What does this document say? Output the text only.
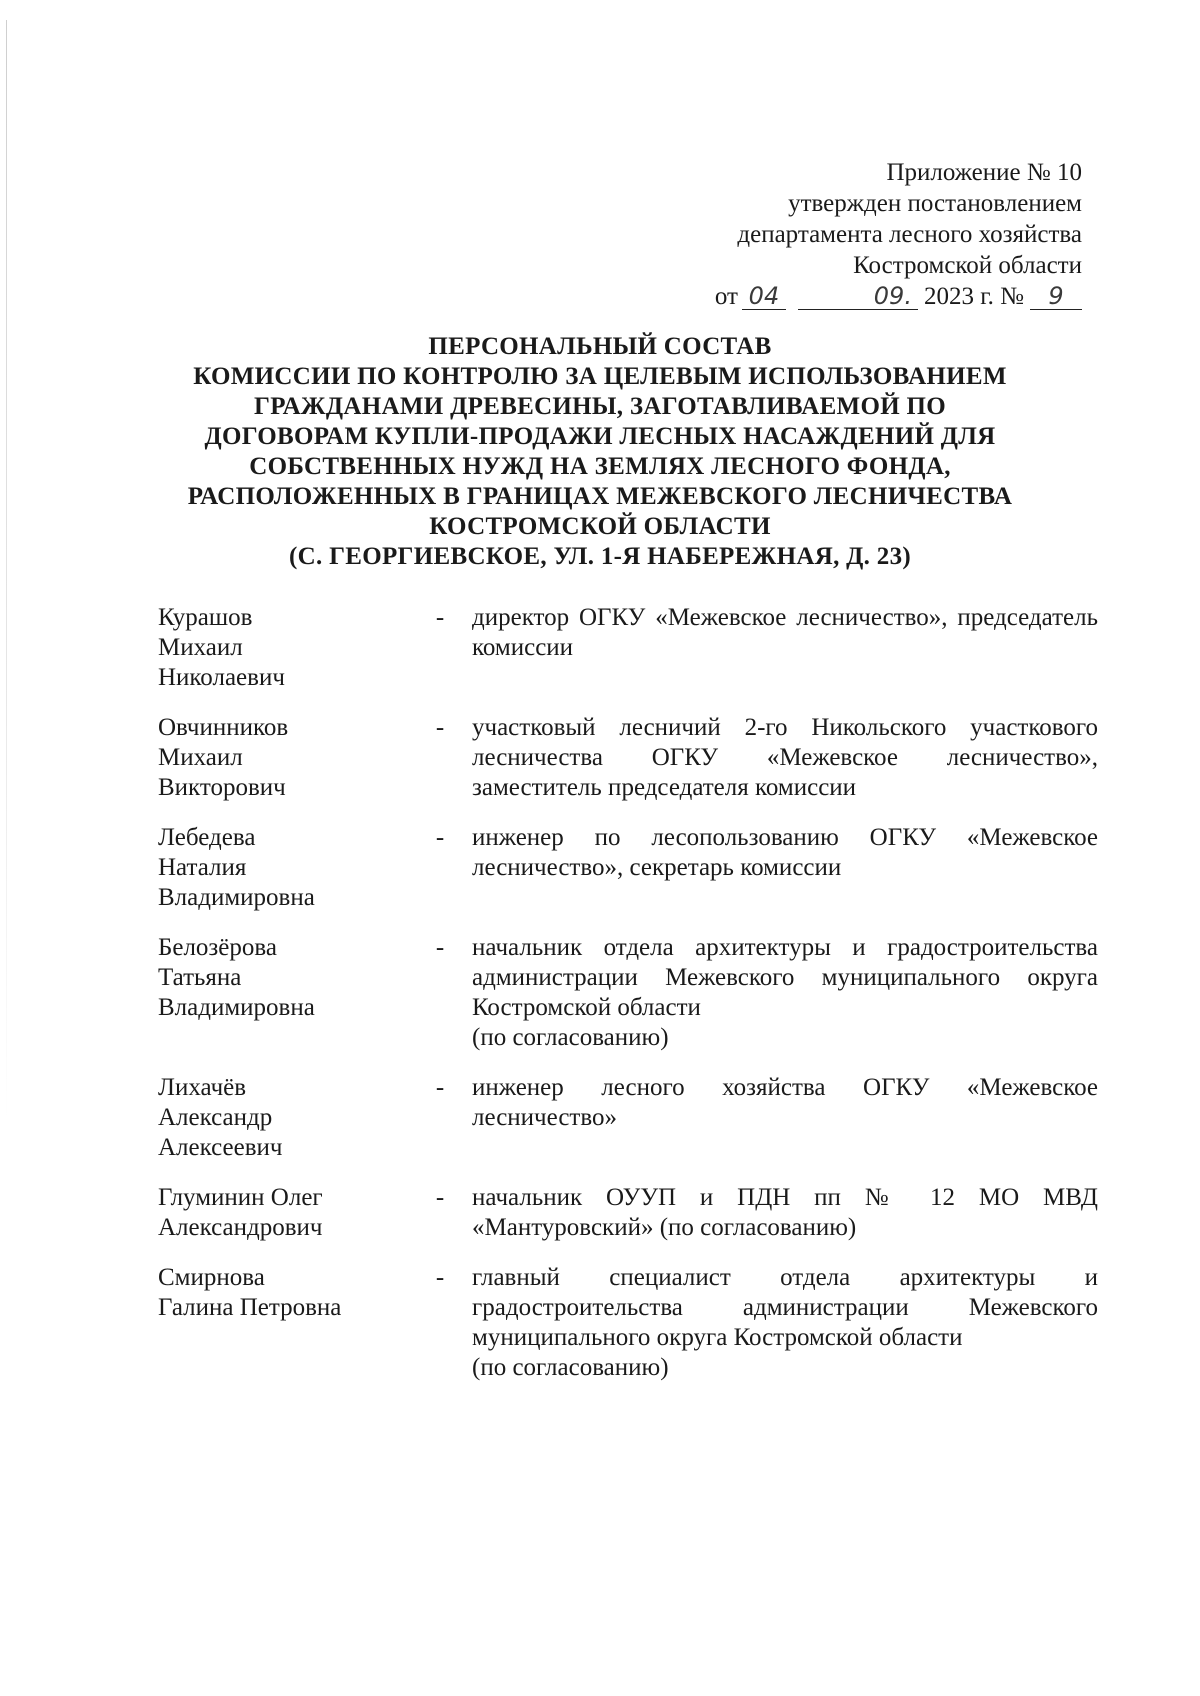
Приложение № 10
утвержден постановлением
департамента лесного хозяйства
Костромской области
от 04	09. 2023 г. № 9
ПЕРСОНАЛЬНЫЙ СОСТАВ
КОМИССИИ ПО КОНТРОЛЮ ЗА ЦЕЛЕВЫМ ИСПОЛЬЗОВАНИЕМ
ГРАЖДАНАМИ ДРЕВЕСИНЫ, ЗАГОТАВЛИВАЕМОЙ ПО
ДОГОВОРАМ КУПЛИ-ПРОДАЖИ ЛЕСНЫХ НАСАЖДЕНИЙ ДЛЯ
СОБСТВЕННЫХ НУЖД НА ЗЕМЛЯХ ЛЕСНОГО ФОНДА,
РАСПОЛОЖЕННЫХ В ГРАНИЦАХ МЕЖЕВСКОГО ЛЕСНИЧЕСТВА
КОСТРОМСКОЙ ОБЛАСТИ
(С. ГЕОРГИЕВСКОЕ, УЛ. 1-Я НАБЕРЕЖНАЯ, Д. 23)
Курашов
Михаил
Николаевич
-	директор ОГКУ «Межевское лесничество», председатель комиссии
Овчинников
Михаил
Викторович
-	участковый лесничий 2-го Никольского участкового лесничества ОГКУ «Межевское лесничество», заместитель председателя комиссии
Лебедева
Наталия
Владимировна
-	инженер по лесопользованию ОГКУ «Межевское лесничество», секретарь комиссии
Белозёрова
Татьяна
Владимировна
-	начальник отдела архитектуры и градостроительства администрации Межевского муниципального округа Костромской области
(по согласованию)
Лихачёв
Александр
Алексеевич
-	инженер лесного хозяйства ОГКУ «Межевское лесничество»
Глуминин Олег
Александрович
-	начальник ОУУП и ПДН пп № 12 МО МВД «Мантуровский» (по согласованию)
Смирнова
Галина Петровна
-	главный специалист отдела архитектуры и градостроительства администрации Межевского муниципального округа Костромской области
(по согласованию)
